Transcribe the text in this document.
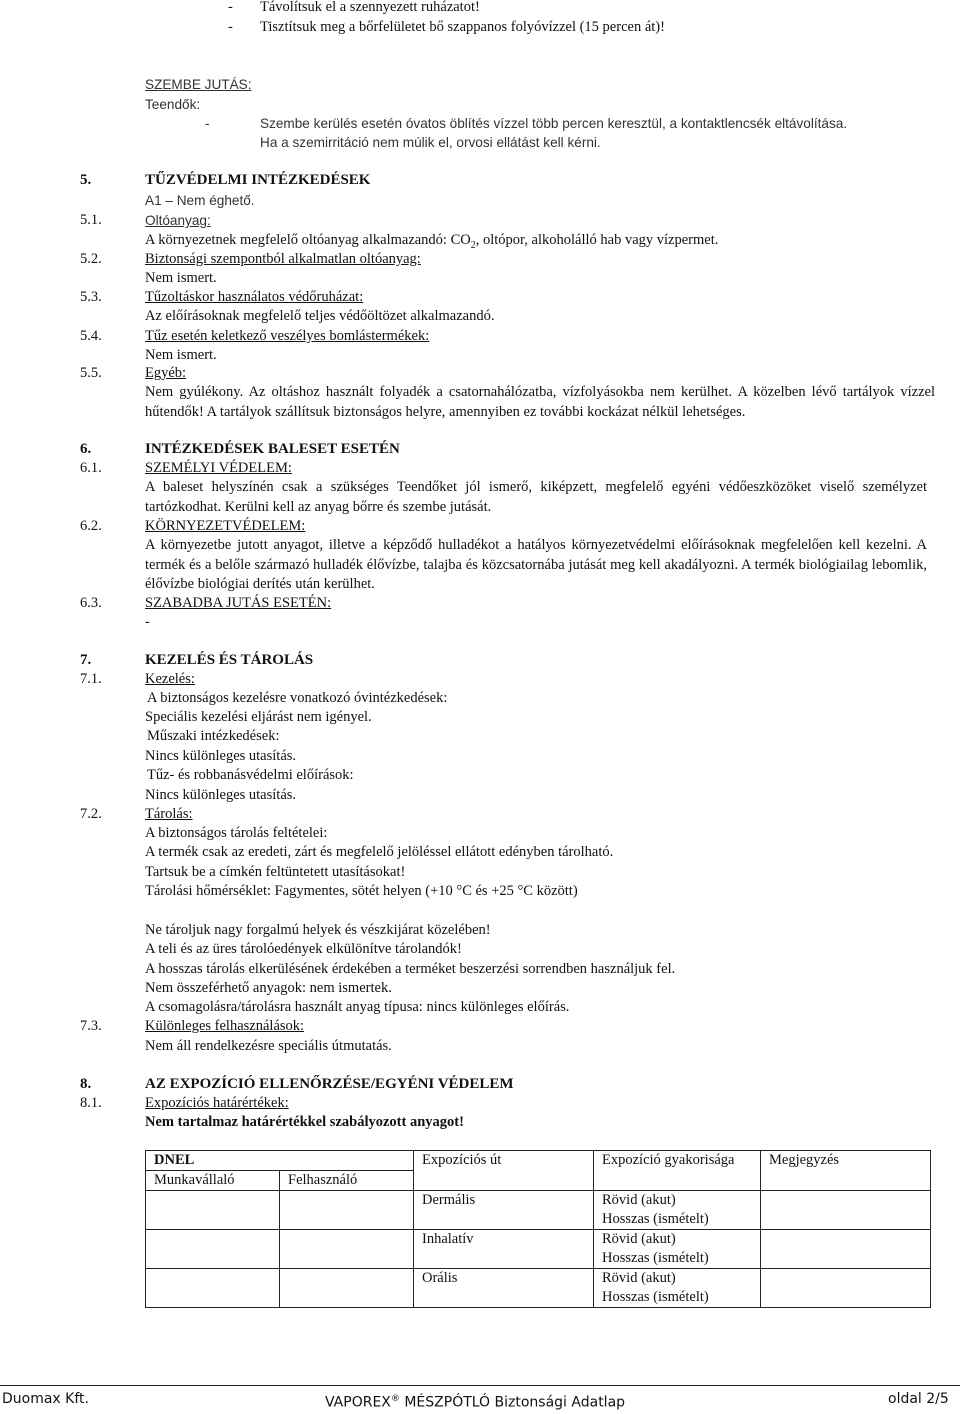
- Távolítsuk el a szennyezett ruházatot!
- Tisztítsuk meg a bőrfelületet bő szappanos folyóvízzel (15 percen át)!
SZEMBE JUTÁS:
Teendők:
-	Szembe kerülés esetén óvatos öblítés vízzel több percen keresztül, a kontaktlencsék eltávolítása.
Ha a szemirritáció nem múlik el, orvosi ellátást kell kérni.
5.	TŰZVÉDELMI INTÉZKEDÉSEK
A1 – Nem éghető.
5.1.	Oltóanyag:
A környezetnek megfelelő oltóanyag alkalmazandó: $CO_2$, oltópor, alkoholálló hab vagy vízpermet.
5.2.	Biztonsági szempontból alkalmatlan oltóanyag:
Nem ismert.
5.3.	Tűzoltáskor használatos védőruházat:
Az előírásoknak megfelelő teljes védőöltözet alkalmazandó.
5.4.	Tűz esetén keletkező veszélyes bomlástermékek:
Nem ismert.
5.5.	Egyéb:
Nem gyúlékony. Az oltáshoz használt folyadék a csatornahálózatba, vízfolyásokba nem kerülhet. A közelben lévő tartályok vízzel hűtendők! A tartályok szállítsuk biztonságos helyre, amennyiben ez további kockázat nélkül lehetséges.
6.	INTÉZKEDÉSEK BALESET ESETÉN
6.1.	SZEMÉLYI VÉDELEM:
A baleset helyszínén csak a szükséges Teendőket jól ismerő, kiképzett, megfelelő egyéni védőeszközöket viselő személyzet tartózkodhat. Kerülni kell az anyag bőrre és szembe jutását.
6.2.	KÖRNYEZETVÉDELEM:
A környezetbe jutott anyagot, illetve a képződő hulladékot a hatályos környezetvédelmi előírásoknak megfelelően kell kezelni. A termék és a belőle származó hulladék élővízbe, talajba és közcsatornába jutását meg kell akadályozni. A termék biológiailag lebomlik, élővízbe biológiai derítés után kerülhet.
6.3.	SZABADBA JUTÁS ESETÉN:
-
7.	KEZELÉS ÉS TÁROLÁS
7.1.	Kezelés:
A biztonságos kezelésre vonatkozó óvintézkedések:
Speciális kezelési eljárást nem igényel.
Műszaki intézkedések:
Nincs különleges utasítás.
Tűz- és robbanásvédelmi előírások:
Nincs különleges utasítás.
7.2.	Tárolás:
A biztonságos tárolás feltételei:
A termék csak az eredeti, zárt és megfelelő jelöléssel ellátott edényben tárolható.
Tartsuk be a címkén feltüntetett utasításokat!
Tárolási hőmérséklet: Fagymentes, sötét helyen (+10 °C és +25 °C között)
Ne tároljuk nagy forgalmú helyek és vészkijárat közelében!
A teli és az üres tárolóedények elkülönítve tárolandók!
A hosszas tárolás elkerülésének érdekében a terméket beszerzési sorrendben használjuk fel.
Nem összeférhető anyagok: nem ismertek.
A csomagolásra/tárolásra használt anyag típusa: nincs különleges előírás.
7.3.	Különleges felhasználások:
Nem áll rendelkezésre speciális útmutatás.
8.	AZ EXPOZÍCIÓ ELLENŐRZÉSE/EGYÉNI VÉDELEM
8.1.	Expozíciós határértékek:
Nem tartalmaz határértékkel szabályozott anyagot!
DNEL		Expozíciós út	Expozíció gyakorisága	Megjegyzés
Munkavállaló	Felhasználó			
		Dermális	Rövid (akut)
Hosszas (ismételt)	

		Inhalatív	Rövid (akut)
Hosszas (ismételt)	

		Orális	Rövid (akut)
Hosszas (ismételt)	

Duomax Kft.	VAPOREX® MÉSZPÓTLÓ Biztonsági Adatlap	oldal 2/5
